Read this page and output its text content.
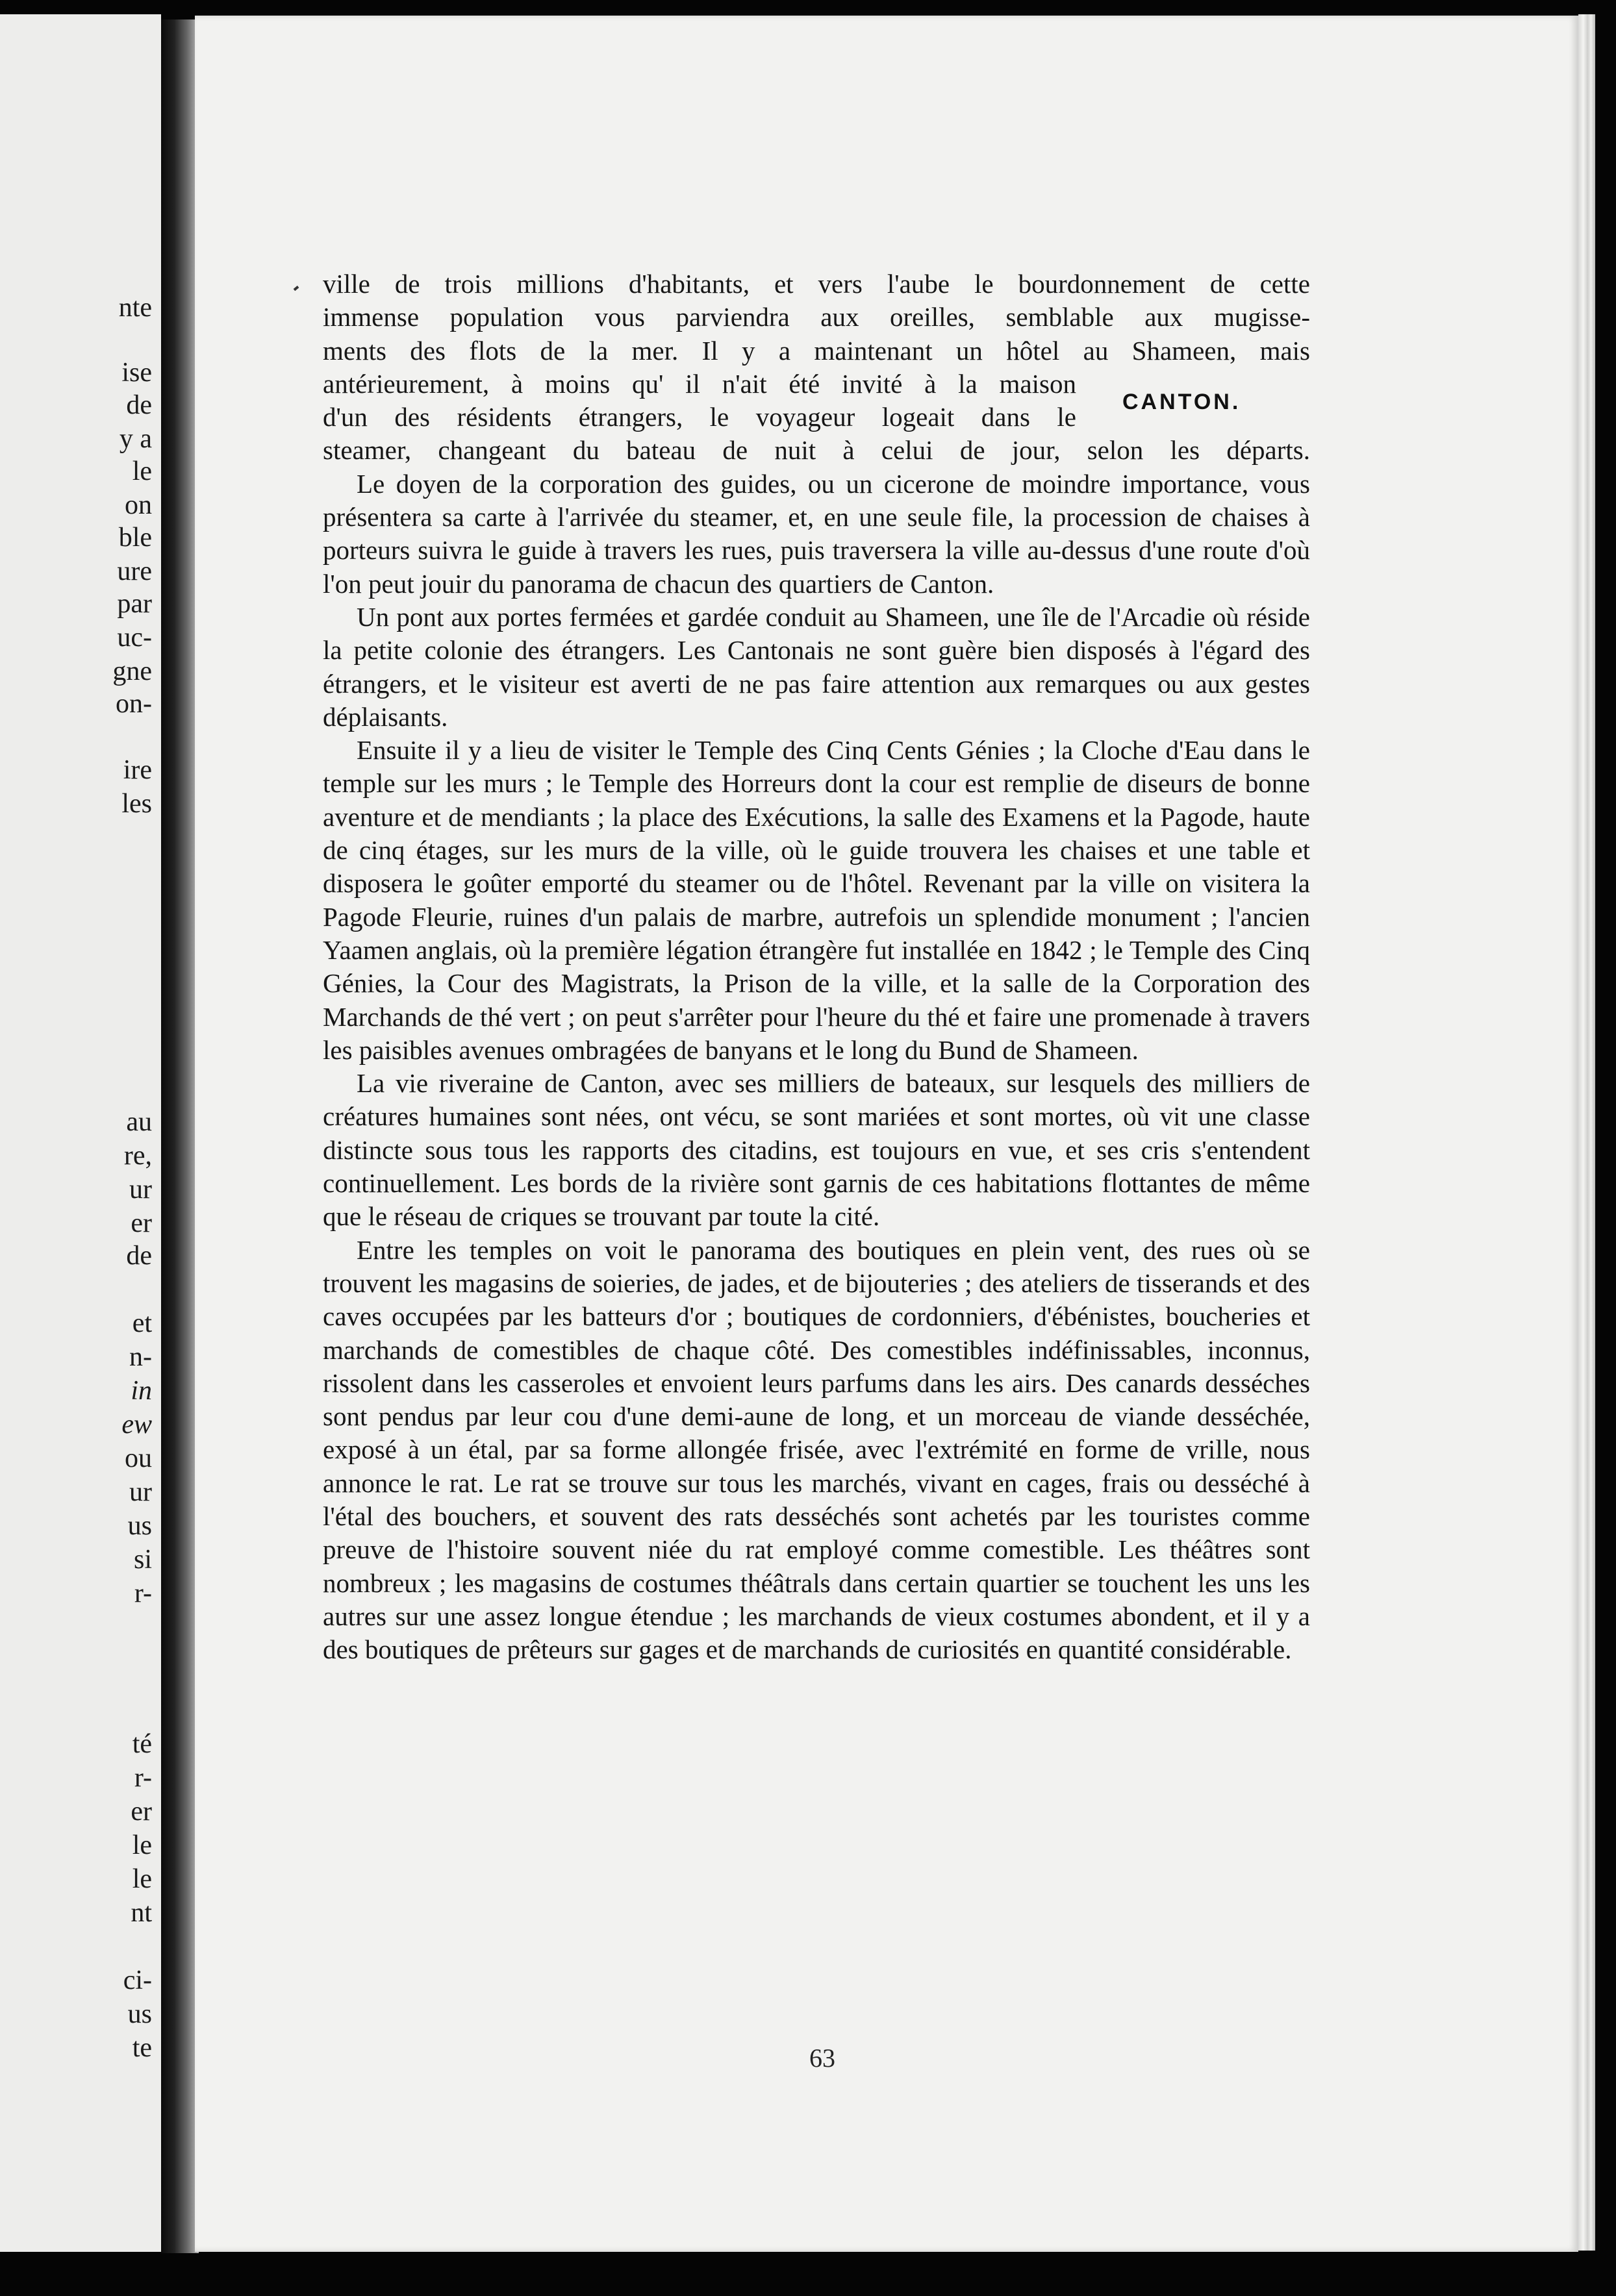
nte
ise
de
y a
le
on
ble
ure
par
uc-
gne
on-
ire
les
au
re,
ur
er
de
et
n-
in
ew
ou
ur
us
si
r-
té
r-
er
le
le
nt
ci-
us
te
CANTON.

ville de trois millions d'habitants, et vers l'aube le bourdonnement de cette
immense population vous parviendra aux oreilles, semblable aux mugisse-
ments des flots de la mer. Il y a maintenant un hôtel au Shameen, mais
antérieurement, à moins qu' il n'ait été invité à la maison
d'un des résidents étrangers, le voyageur logeait dans le

steamer, changeant du bateau de nuit à celui de jour, selon les départs.

Le doyen de la corporation des guides, ou un cicerone de moindre importance, vous présentera sa carte à l'arrivée du steamer, et, en une seule file, la procession de chaises à porteurs suivra le guide à travers les rues, puis traversera la ville au-dessus d'une route d'où l'on peut jouir du panorama de chacun des quartiers de Canton.

Un pont aux portes fermées et gardée conduit au Shameen, une île de l'Arcadie où réside la petite colonie des étrangers. Les Cantonais ne sont guère bien disposés à l'égard des étrangers, et le visiteur est averti de ne pas faire attention aux remarques ou aux gestes déplaisants.

Ensuite il y a lieu de visiter le Temple des Cinq Cents Génies ; la Cloche d'Eau dans le temple sur les murs ; le Temple des Horreurs dont la cour est remplie de diseurs de bonne aventure et de mendiants ; la place des Exécutions, la salle des Examens et la Pagode, haute de cinq étages, sur les murs de la ville, où le guide trouvera les chaises et une table et disposera le goûter emporté du steamer ou de l'hôtel. Revenant par la ville on visitera la Pagode Fleurie, ruines d'un palais de marbre, autrefois un splendide monument ; l'ancien Yaamen anglais, où la première légation étrangère fut installée en 1842 ; le Temple des Cinq Génies, la Cour des Magistrats, la Prison de la ville, et la salle de la Corporation des Marchands de thé vert ; on peut s'arrêter pour l'heure du thé et faire une promenade à travers les paisibles avenues ombragées de banyans et le long du Bund de Shameen.

La vie riveraine de Canton, avec ses milliers de bateaux, sur lesquels des milliers de créatures humaines sont nées, ont vécu, se sont mariées et sont mortes, où vit une classe distincte sous tous les rapports des citadins, est toujours en vue, et ses cris s'entendent continuellement. Les bords de la rivière sont garnis de ces habitations flottantes de même que le réseau de criques se trouvant par toute la cité.

Entre les temples on voit le panorama des boutiques en plein vent, des rues où se trouvent les magasins de soieries, de jades, et de bijouteries ; des ateliers de tisserands et des caves occupées par les batteurs d'or ; boutiques de cordonniers, d'ébénistes, boucheries et marchands de comestibles de chaque côté. Des comestibles indéfinissables, inconnus, rissolent dans les casseroles et envoient leurs parfums dans les airs. Des canards desséches sont pendus par leur cou d'une demi-aune de long, et un morceau de viande desséchée, exposé à un étal, par sa forme allongée frisée, avec l'extrémité en forme de vrille, nous annonce le rat. Le rat se trouve sur tous les marchés, vivant en cages, frais ou desséché à l'étal des bouchers, et souvent des rats desséchés sont achetés par les touristes comme preuve de l'histoire souvent niée du rat employé comme comestible. Les théâtres sont nombreux ; les magasins de costumes théâtrals dans certain quartier se touchent les uns les autres sur une assez longue étendue ; les marchands de vieux costumes abondent, et il y a des boutiques de prêteurs sur gages et de marchands de curiosités en quantité considérable.

63
